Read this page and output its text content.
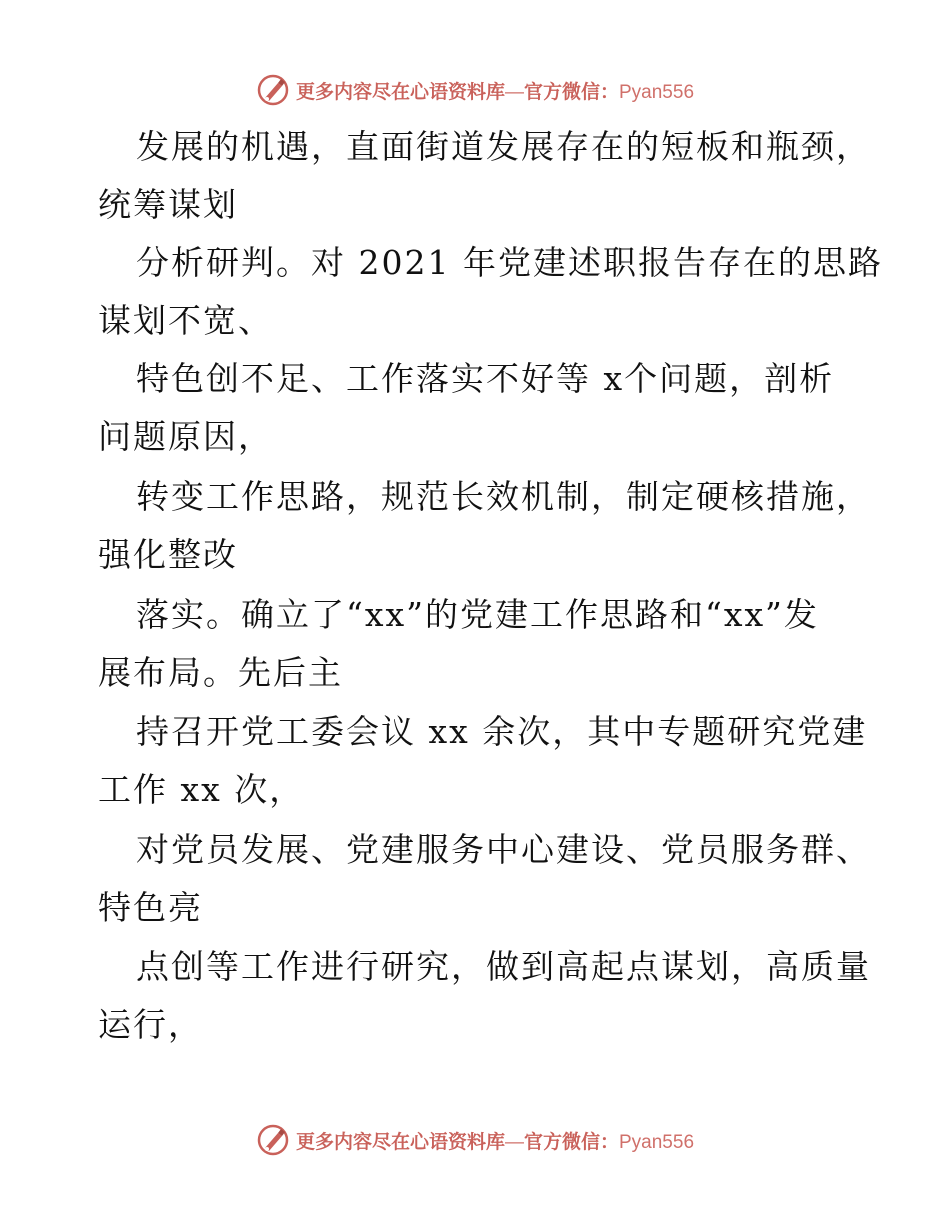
更多内容尽在心语资料库—官方微信：Pyan556
发展的机遇，直面街道发展存在的短板和瓶颈，
统筹谋划
分析研判。对 2021 年党建述职报告存在的思路
谋划不宽、
特色创不足、工作落实不好等 x个问题，剖析
问题原因，
转变工作思路，规范长效机制，制定硬核措施，
强化整改
落实。确立了“xx”的党建工作思路和“xx”发
展布局。先后主
持召开党工委会议 xx 余次，其中专题研究党建
工作 xx 次，
对党员发展、党建服务中心建设、党员服务群、
特色亮
点创等工作进行研究，做到高起点谋划，高质量
运行，
更多内容尽在心语资料库—官方微信：Pyan556
